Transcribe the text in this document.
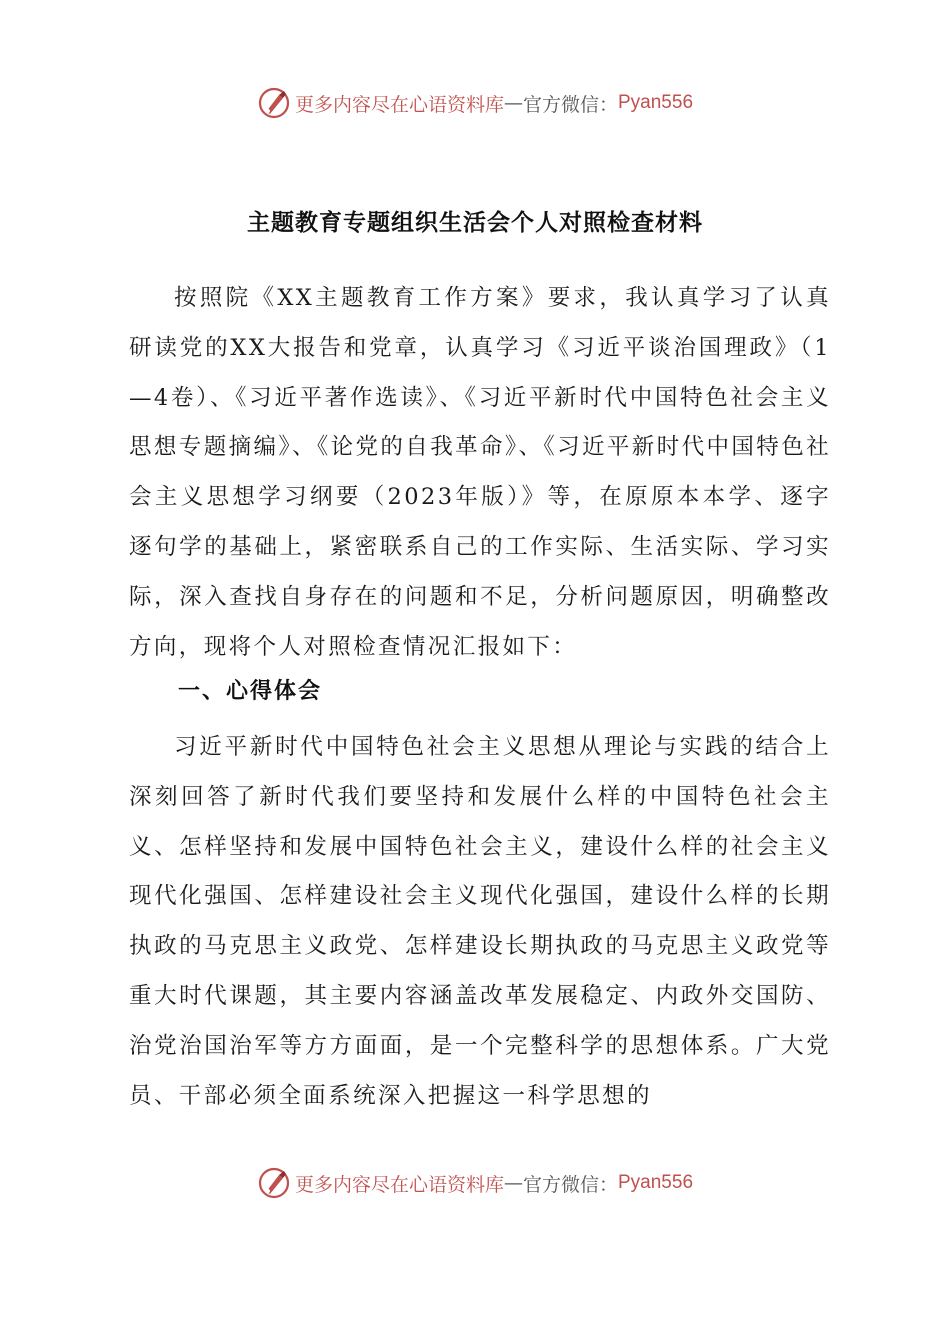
更多内容尽在心语资料库 — 官方微信： Pyan556
主题教育专题组织生活会个人对照检查材料

按照院《XX主题教育工作方案》要求，我认真学习了认真研读党的XX大报告和党章，认真学习《习近平谈治国理政》（1—4卷）、《习近平著作选读》、《习近平新时代中国特色社会主义思想专题摘编》、《论党的自我革命》、《习近平新时代中国特色社会主义思想学习纲要（2023年版）》等，在原原本本学、逐字逐句学的基础上，紧密联系自己的工作实际、生活实际、学习实际，深入查找自身存在的问题和不足，分析问题原因，明确整改方向，现将个人对照检查情况汇报如下：

一、心得体会

习近平新时代中国特色社会主义思想从理论与实践的结合上深刻回答了新时代我们要坚持和发展什么样的中国特色社会主义、怎样坚持和发展中国特色社会主义，建设什么样的社会主义现代化强国、怎样建设社会主义现代化强国，建设什么样的长期执政的马克思主义政党、怎样建设长期执政的马克思主义政党等重大时代课题，其主要内容涵盖改革发展稳定、内政外交国防、治党治国治军等方方面面，是一个完整科学的思想体系。广大党员、干部必须全面系统深入把握这一科学思想的

更多内容尽在心语资料库 — 官方微信： Pyan556
